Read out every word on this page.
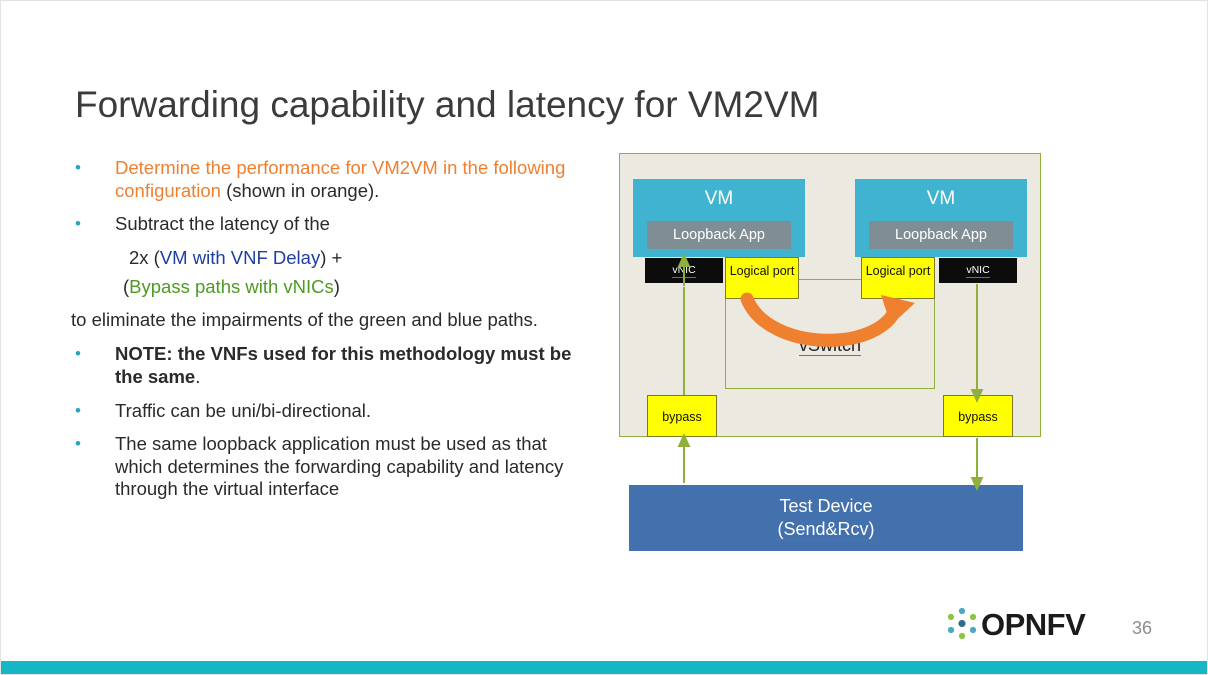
Forwarding capability and latency for VM2VM
• Determine the performance for VM2VM in the following configuration (shown in orange).
• Subtract the latency of the
2x (VM with VNF Delay) +
(Bypass paths with vNICs)
to eliminate the impairments of the green and blue paths.
• NOTE: the VNFs used for this methodology must be the same.
• Traffic can be uni/bi-directional.
• The same loopback application must be used as that which determines the forwarding capability and latency through the virtual interface
vSwitch
VM
Loopback App
vNIC
VM
Loopback App
vNIC
Logical port	Logical port
bypass	bypass
Test Device
(Send&Rcv)
OPNFV	36
